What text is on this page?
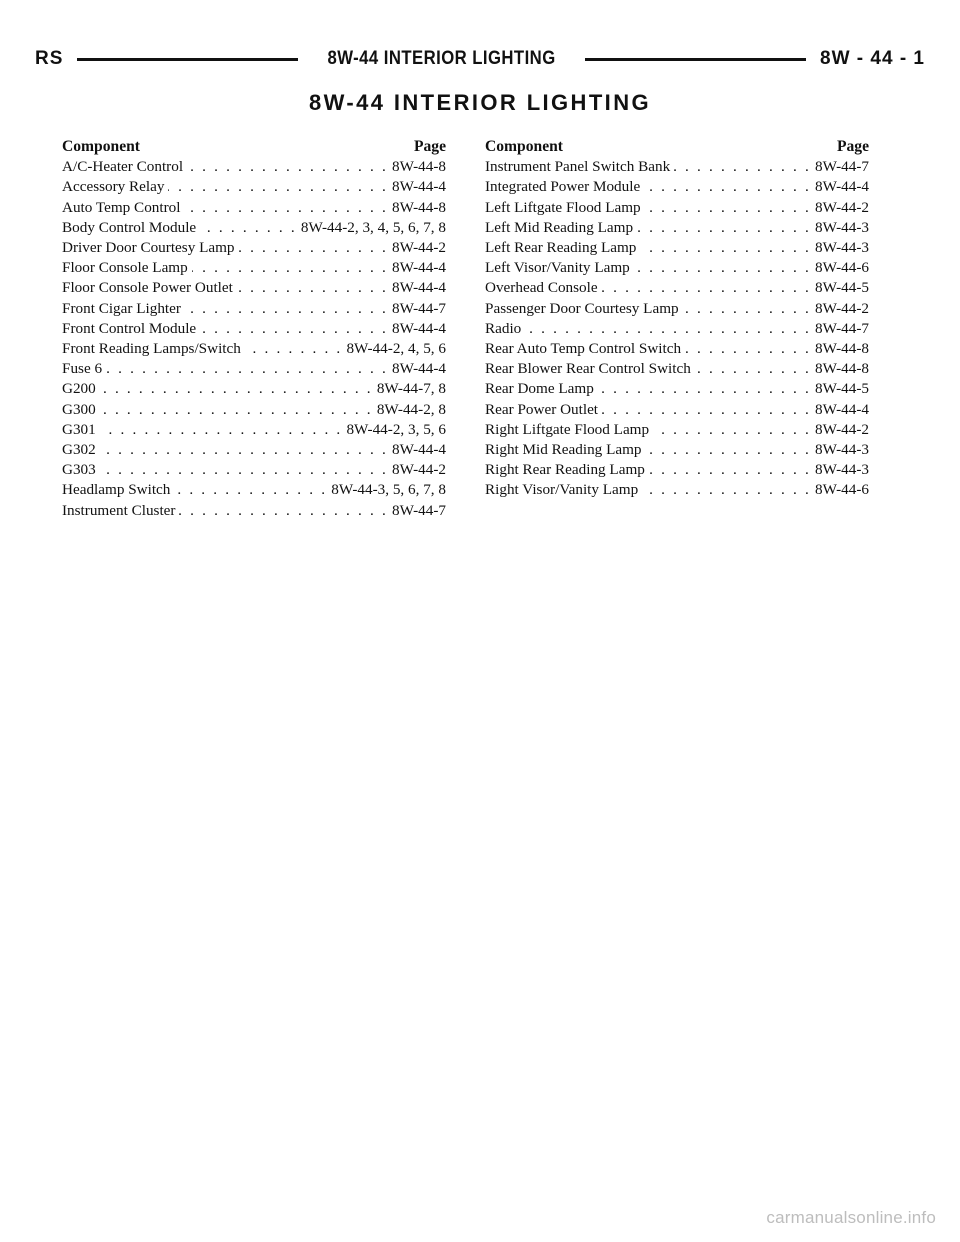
RS	8W-44 INTERIOR LIGHTING	8W - 44 - 1
8W-44 INTERIOR LIGHTING
Component	Page
A/C-Heater Control . . .	8W-44-8
Accessory Relay . . .	8W-44-4
Auto Temp Control . . .	8W-44-8
Body Control Module . . .	8W-44-2, 3, 4, 5, 6, 7, 8
Driver Door Courtesy Lamp . . .	8W-44-2
Floor Console Lamp . . .	8W-44-4
Floor Console Power Outlet . . .	8W-44-4
Front Cigar Lighter . . .	8W-44-7
Front Control Module . . .	8W-44-4
Front Reading Lamps/Switch . . .	8W-44-2, 4, 5, 6
Fuse 6 . . .	8W-44-4
G200 . . .	8W-44-7, 8
G300 . . .	8W-44-2, 8
G301 . . .	8W-44-2, 3, 5, 6
G302 . . .	8W-44-4
G303 . . .	8W-44-2
Headlamp Switch . . .	8W-44-3, 5, 6, 7, 8
Instrument Cluster . . .	8W-44-7
Component	Page
Instrument Panel Switch Bank . . .	8W-44-7
Integrated Power Module . . .	8W-44-4
Left Liftgate Flood Lamp . . .	8W-44-2
Left Mid Reading Lamp . . .	8W-44-3
Left Rear Reading Lamp . . .	8W-44-3
Left Visor/Vanity Lamp . . .	8W-44-6
Overhead Console . . .	8W-44-5
Passenger Door Courtesy Lamp . . .	8W-44-2
Radio . . .	8W-44-7
Rear Auto Temp Control Switch . . .	8W-44-8
Rear Blower Rear Control Switch . . .	8W-44-8
Rear Dome Lamp . . .	8W-44-5
Rear Power Outlet . . .	8W-44-4
Right Liftgate Flood Lamp . . .	8W-44-2
Right Mid Reading Lamp . . .	8W-44-3
Right Rear Reading Lamp . . .	8W-44-3
Right Visor/Vanity Lamp . . .	8W-44-6
carmanualsonline.info
